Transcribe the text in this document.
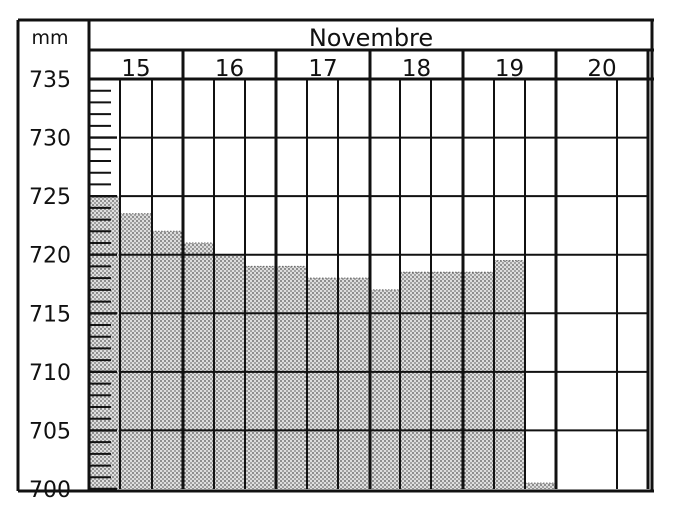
mm	Novembre
700
705
710
715
720
725
730
735 15	16	17	18	19	20
